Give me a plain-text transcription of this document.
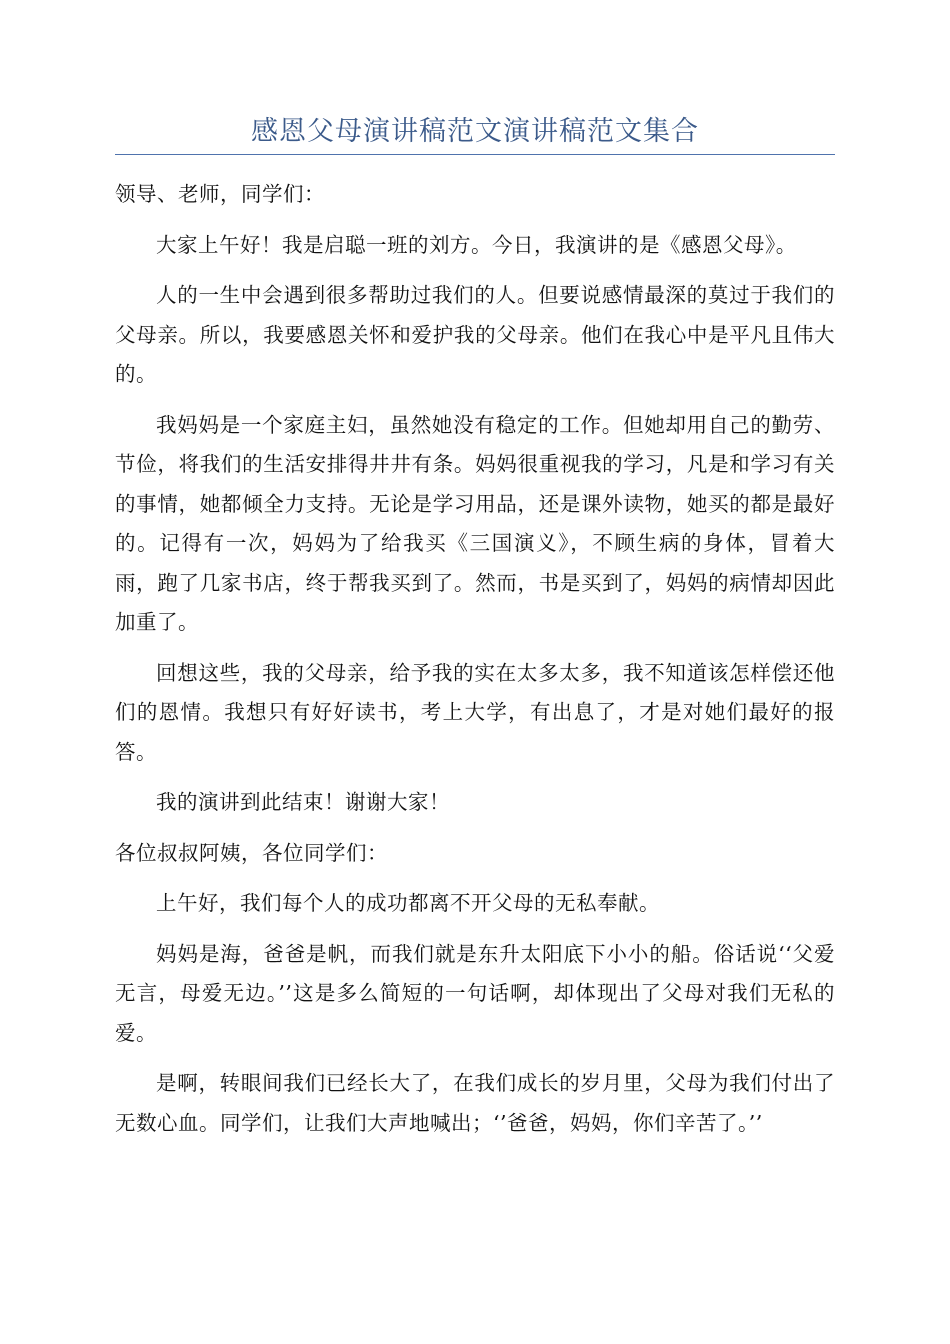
感恩父母演讲稿范文演讲稿范文集合

领导、老师，同学们：

大家上午好！我是启聪一班的刘方。今日，我演讲的是《感恩父母》。

人的一生中会遇到很多帮助过我们的人。但要说感情最深的莫过于我们的父母亲。所以，我要感恩关怀和爱护我的父母亲。他们在我心中是平凡且伟大的。

我妈妈是一个家庭主妇，虽然她没有稳定的工作。但她却用自己的勤劳、节俭，将我们的生活安排得井井有条。妈妈很重视我的学习，凡是和学习有关的事情，她都倾全力支持。无论是学习用品，还是课外读物，她买的都是最好的。记得有一次，妈妈为了给我买《三国演义》，不顾生病的身体，冒着大雨，跑了几家书店，终于帮我买到了。然而，书是买到了，妈妈的病情却因此加重了。

回想这些，我的父母亲，给予我的实在太多太多，我不知道该怎样偿还他们的恩情。我想只有好好读书，考上大学，有出息了，才是对她们最好的报答。

我的演讲到此结束！谢谢大家！

各位叔叔阿姨，各位同学们：

上午好，我们每个人的成功都离不开父母的无私奉献。

妈妈是海，爸爸是帆，而我们就是东升太阳底下小小的船。俗话说‘‘父爱无言，母爱无边。’’这是多么简短的一句话啊，却体现出了父母对我们无私的爱。

是啊，转眼间我们已经长大了，在我们成长的岁月里，父母为我们付出了无数心血。同学们，让我们大声地喊出；‘’爸爸，妈妈，你们辛苦了。’’
